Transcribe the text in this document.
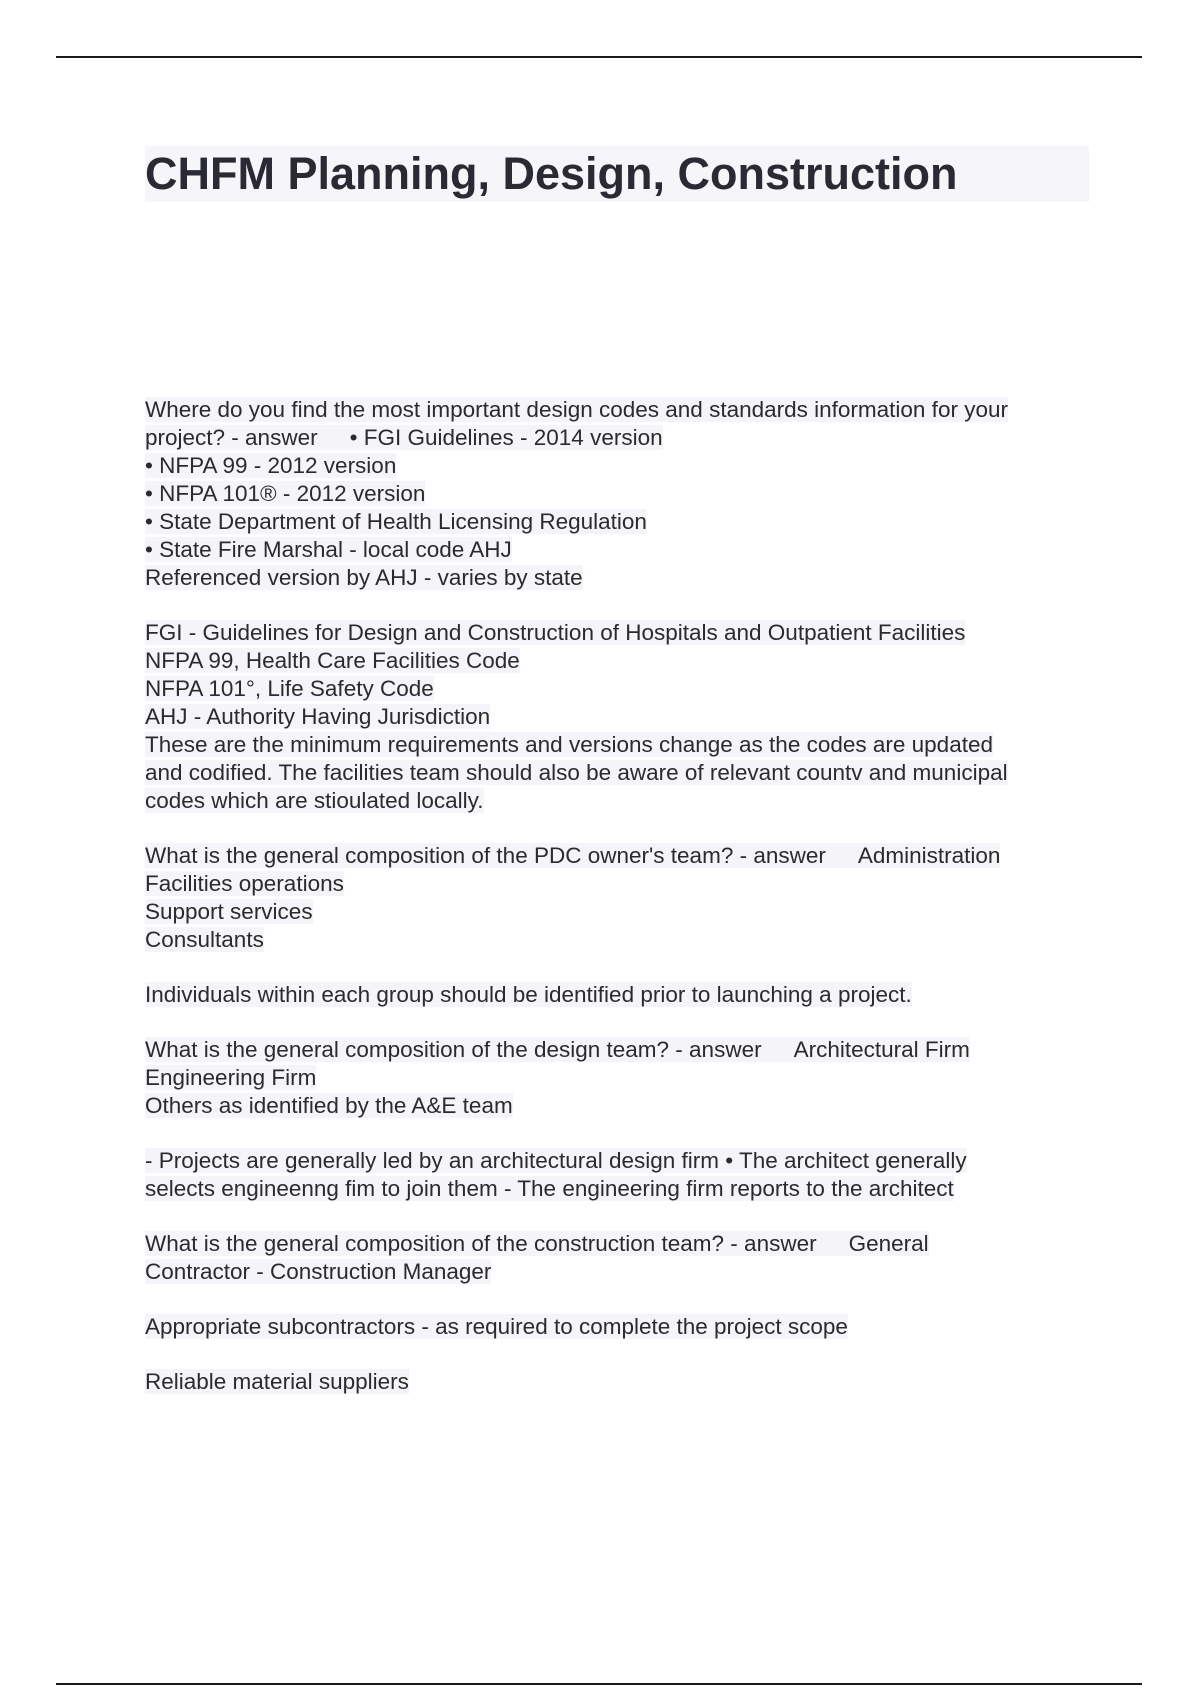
CHFM Planning, Design, Construction

Where do you find the most important design codes and standards information for your
project? - answer • FGI Guidelines - 2014 version
• NFPA 99 - 2012 version
• NFPA 101® - 2012 version
• State Department of Health Licensing Regulation
• State Fire Marshal - local code AHJ
Referenced version by AHJ - varies by state

FGI - Guidelines for Design and Construction of Hospitals and Outpatient Facilities
NFPA 99, Health Care Facilities Code
NFPA 101°, Life Safety Code
AHJ - Authority Having Jurisdiction
These are the minimum requirements and versions change as the codes are updated
and codified. The facilities team should also be aware of relevant countv and municipal
codes which are stioulated locally.

What is the general composition of the PDC owner's team? - answer Administration
Facilities operations
Support services
Consultants

Individuals within each group should be identified prior to launching a project.

What is the general composition of the design team? - answer Architectural Firm
Engineering Firm
Others as identified by the A&E team

- Projects are generally led by an architectural design firm • The architect generally
selects engineenng fim to join them - The engineering firm reports to the architect

What is the general composition of the construction team? - answer General
Contractor - Construction Manager

Appropriate subcontractors - as required to complete the project scope

Reliable material suppliers
